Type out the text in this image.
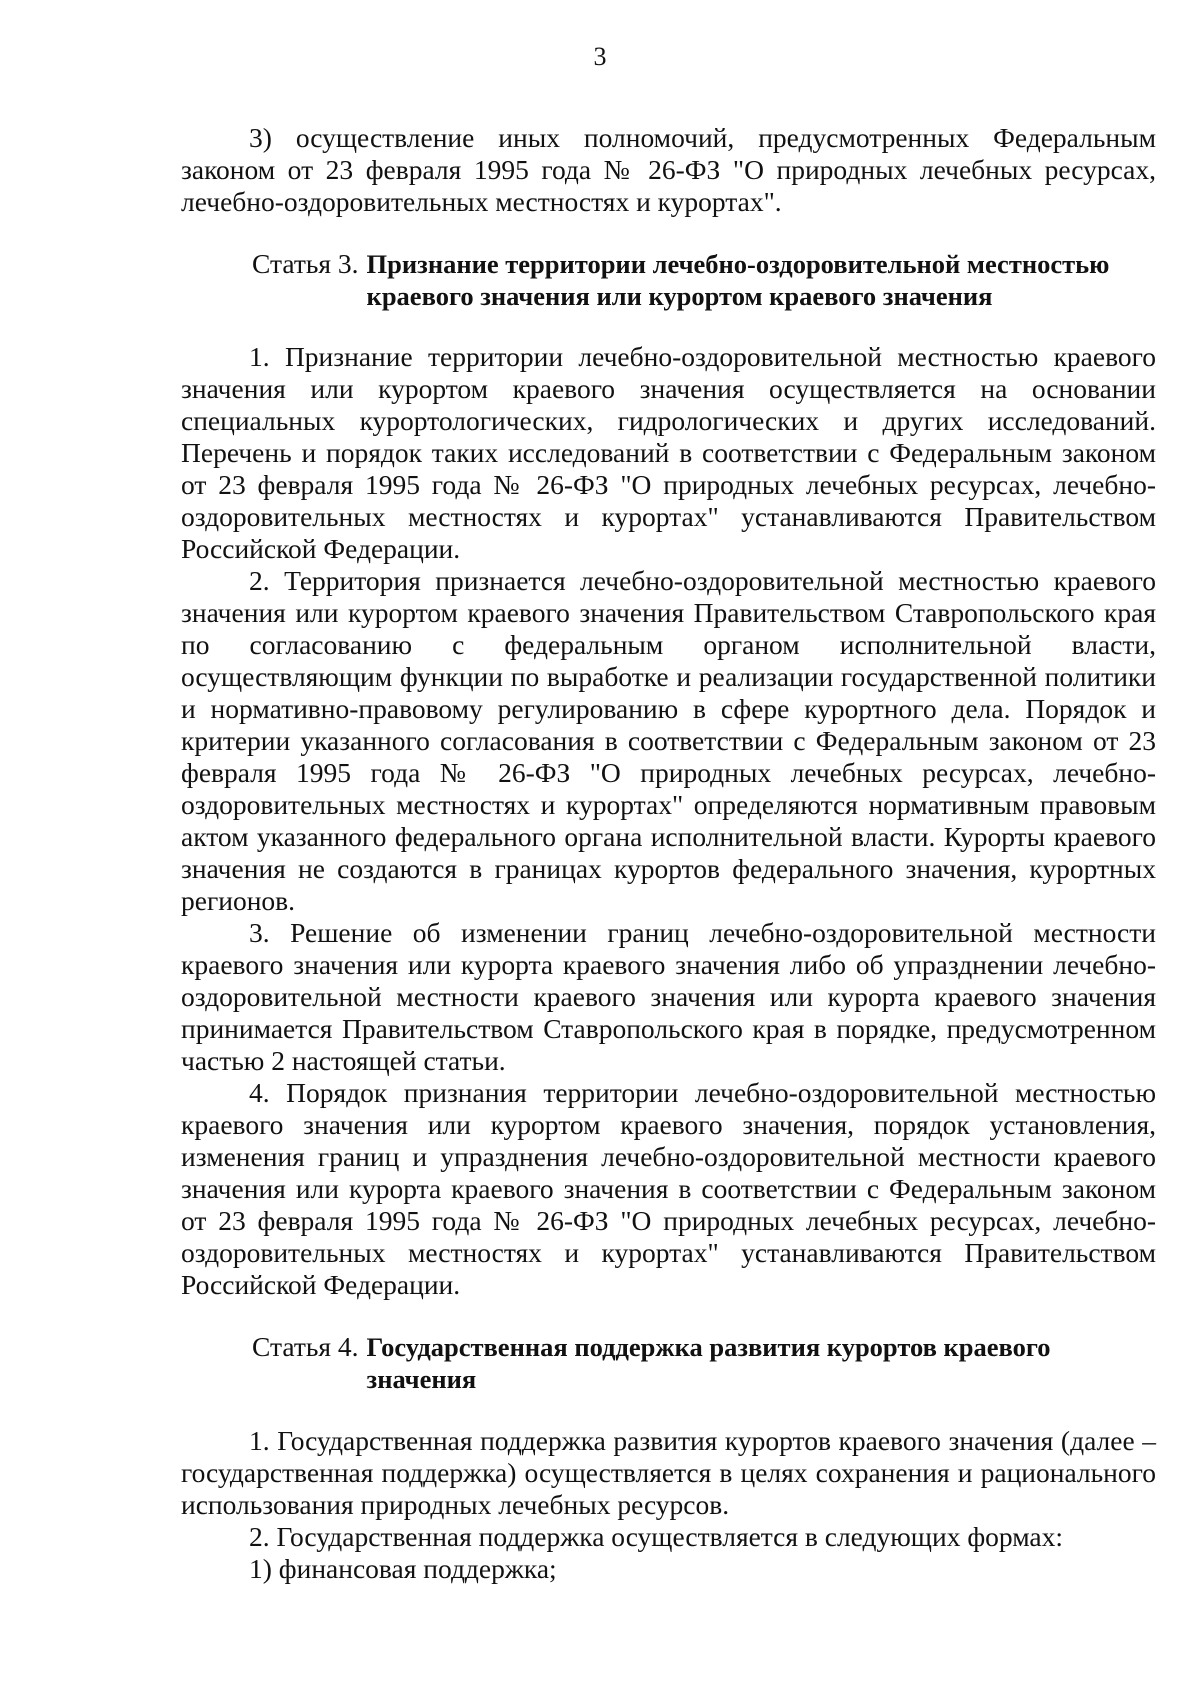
3

3) осуществление иных полномочий, предусмотренных Федеральным законом от 23 февраля 1995 года № 26-ФЗ "О природных лечебных ресурсах, лечебно-оздоровительных местностях и курортах".

Статья 3. Признание территории лечебно-оздоровительной местностью краевого значения или курортом краевого значения

1. Признание территории лечебно-оздоровительной местностью краевого значения или курортом краевого значения осуществляется на основании специальных курортологических, гидрологических и других исследований. Перечень и порядок таких исследований в соответствии с Федеральным законом от 23 февраля 1995 года № 26-ФЗ "О природных лечебных ресурсах, лечебно-оздоровительных местностях и курортах" устанавливаются Правительством Российской Федерации.

2. Территория признается лечебно-оздоровительной местностью краевого значения или курортом краевого значения Правительством Ставропольского края по согласованию с федеральным органом исполнительной власти, осуществляющим функции по выработке и реализации государственной политики и нормативно-правовому регулированию в сфере курортного дела. Порядок и критерии указанного согласования в соответствии с Федеральным законом от 23 февраля 1995 года № 26-ФЗ "О природных лечебных ресурсах, лечебно-оздоровительных местностях и курортах" определяются нормативным правовым актом указанного федерального органа исполнительной власти. Курорты краевого значения не создаются в границах курортов федерального значения, курортных регионов.

3. Решение об изменении границ лечебно-оздоровительной местности краевого значения или курорта краевого значения либо об упразднении лечебно-оздоровительной местности краевого значения или курорта краевого значения принимается Правительством Ставропольского края в порядке, предусмотренном частью 2 настоящей статьи.

4. Порядок признания территории лечебно-оздоровительной местностью краевого значения или курортом краевого значения, порядок установления, изменения границ и упразднения лечебно-оздоровительной местности краевого значения или курорта краевого значения в соответствии с Федеральным законом от 23 февраля 1995 года № 26-ФЗ "О природных лечебных ресурсах, лечебно-оздоровительных местностях и курортах" устанавливаются Правительством Российской Федерации.

Статья 4. Государственная поддержка развития курортов краевого значения

1. Государственная поддержка развития курортов краевого значения (далее – государственная поддержка) осуществляется в целях сохранения и рационального использования природных лечебных ресурсов.

2. Государственная поддержка осуществляется в следующих формах:

1) финансовая поддержка;
